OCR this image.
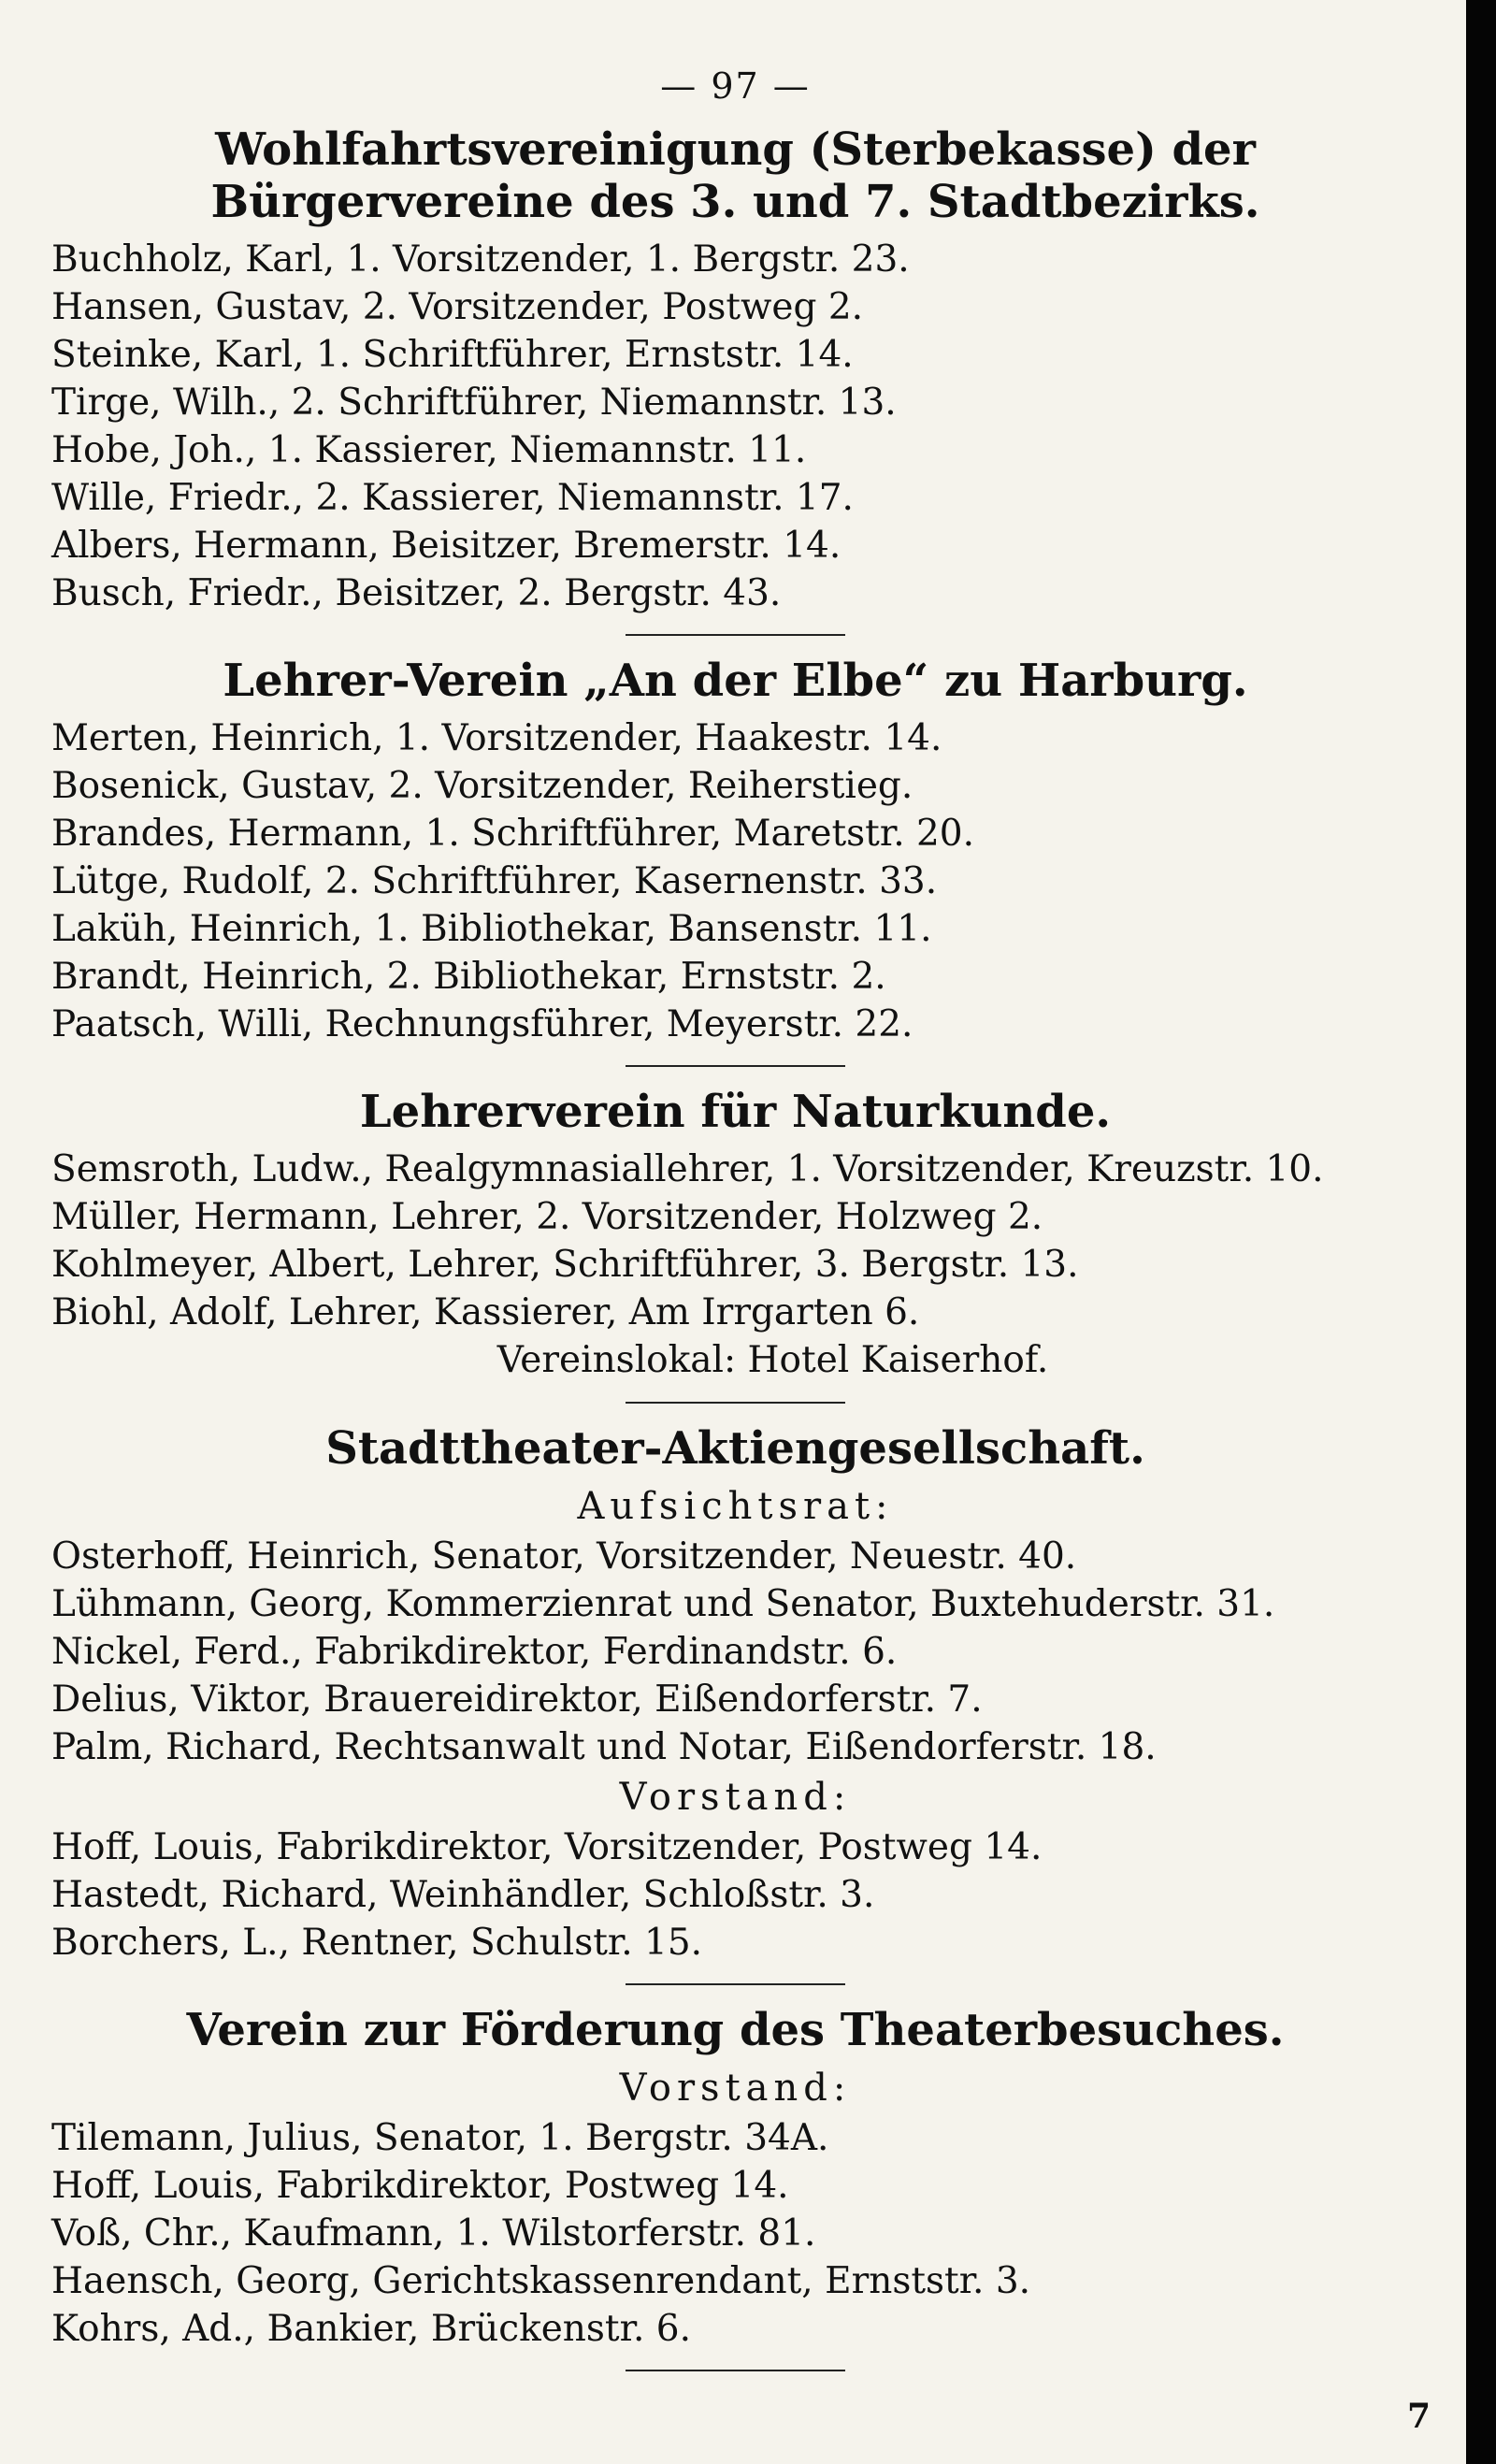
— 97 —
Wohlfahrtsvereinigung (Sterbekasse) der Bürgervereine des 3. und 7. Stadtbezirks.
Buchholz, Karl, 1. Vorsitzender, 1. Bergstr. 23.
Hansen, Gustav, 2. Vorsitzender, Postweg 2.
Steinke, Karl, 1. Schriftführer, Ernststr. 14.
Tirge, Wilh., 2. Schriftführer, Niemannstr. 13.
Hobe, Joh., 1. Kassierer, Niemannstr. 11.
Wille, Friedr., 2. Kassierer, Niemannstr. 17.
Albers, Hermann, Beisitzer, Bremerstr. 14.
Busch, Friedr., Beisitzer, 2. Bergstr. 43.
Lehrer-Verein „An der Elbe“ zu Harburg.
Merten, Heinrich, 1. Vorsitzender, Haakestr. 14.
Bosenick, Gustav, 2. Vorsitzender, Reiherstieg.
Brandes, Hermann, 1. Schriftführer, Maretstr. 20.
Lütge, Rudolf, 2. Schriftführer, Kasernenstr. 33.
Laküh, Heinrich, 1. Bibliothekar, Bansenstr. 11.
Brandt, Heinrich, 2. Bibliothekar, Ernststr. 2.
Paatsch, Willi, Rechnungsführer, Meyerstr. 22.
Lehrerverein für Naturkunde.
Semsroth, Ludw., Realgymnasiallehrer, 1. Vorsitzender, Kreuzstr. 10.
Müller, Hermann, Lehrer, 2. Vorsitzender, Holzweg 2.
Kohlmeyer, Albert, Lehrer, Schriftführer, 3. Bergstr. 13.
Biohl, Adolf, Lehrer, Kassierer, Am Irrgarten 6.
Vereinslokal: Hotel Kaiserhof.
Stadttheater-Aktiengesellschaft.
Aufsichtsrat:
Osterhoff, Heinrich, Senator, Vorsitzender, Neuestr. 40.
Lühmann, Georg, Kommerzienrat und Senator, Buxtehuderstr. 31.
Nickel, Ferd., Fabrikdirektor, Ferdinandstr. 6.
Delius, Viktor, Brauereidirektor, Eißendorferstr. 7.
Palm, Richard, Rechtsanwalt und Notar, Eißendorferstr. 18.
Vorstand:
Hoff, Louis, Fabrikdirektor, Vorsitzender, Postweg 14.
Hastedt, Richard, Weinhändler, Schloßstr. 3.
Borchers, L., Rentner, Schulstr. 15.
Verein zur Förderung des Theaterbesuches.
Vorstand:
Tilemann, Julius, Senator, 1. Bergstr. 34A.
Hoff, Louis, Fabrikdirektor, Postweg 14.
Voß, Chr., Kaufmann, 1. Wilstorferstr. 81.
Haensch, Georg, Gerichtskassenrendant, Ernststr. 3.
Kohrs, Ad., Bankier, Brückenstr. 6.
7
